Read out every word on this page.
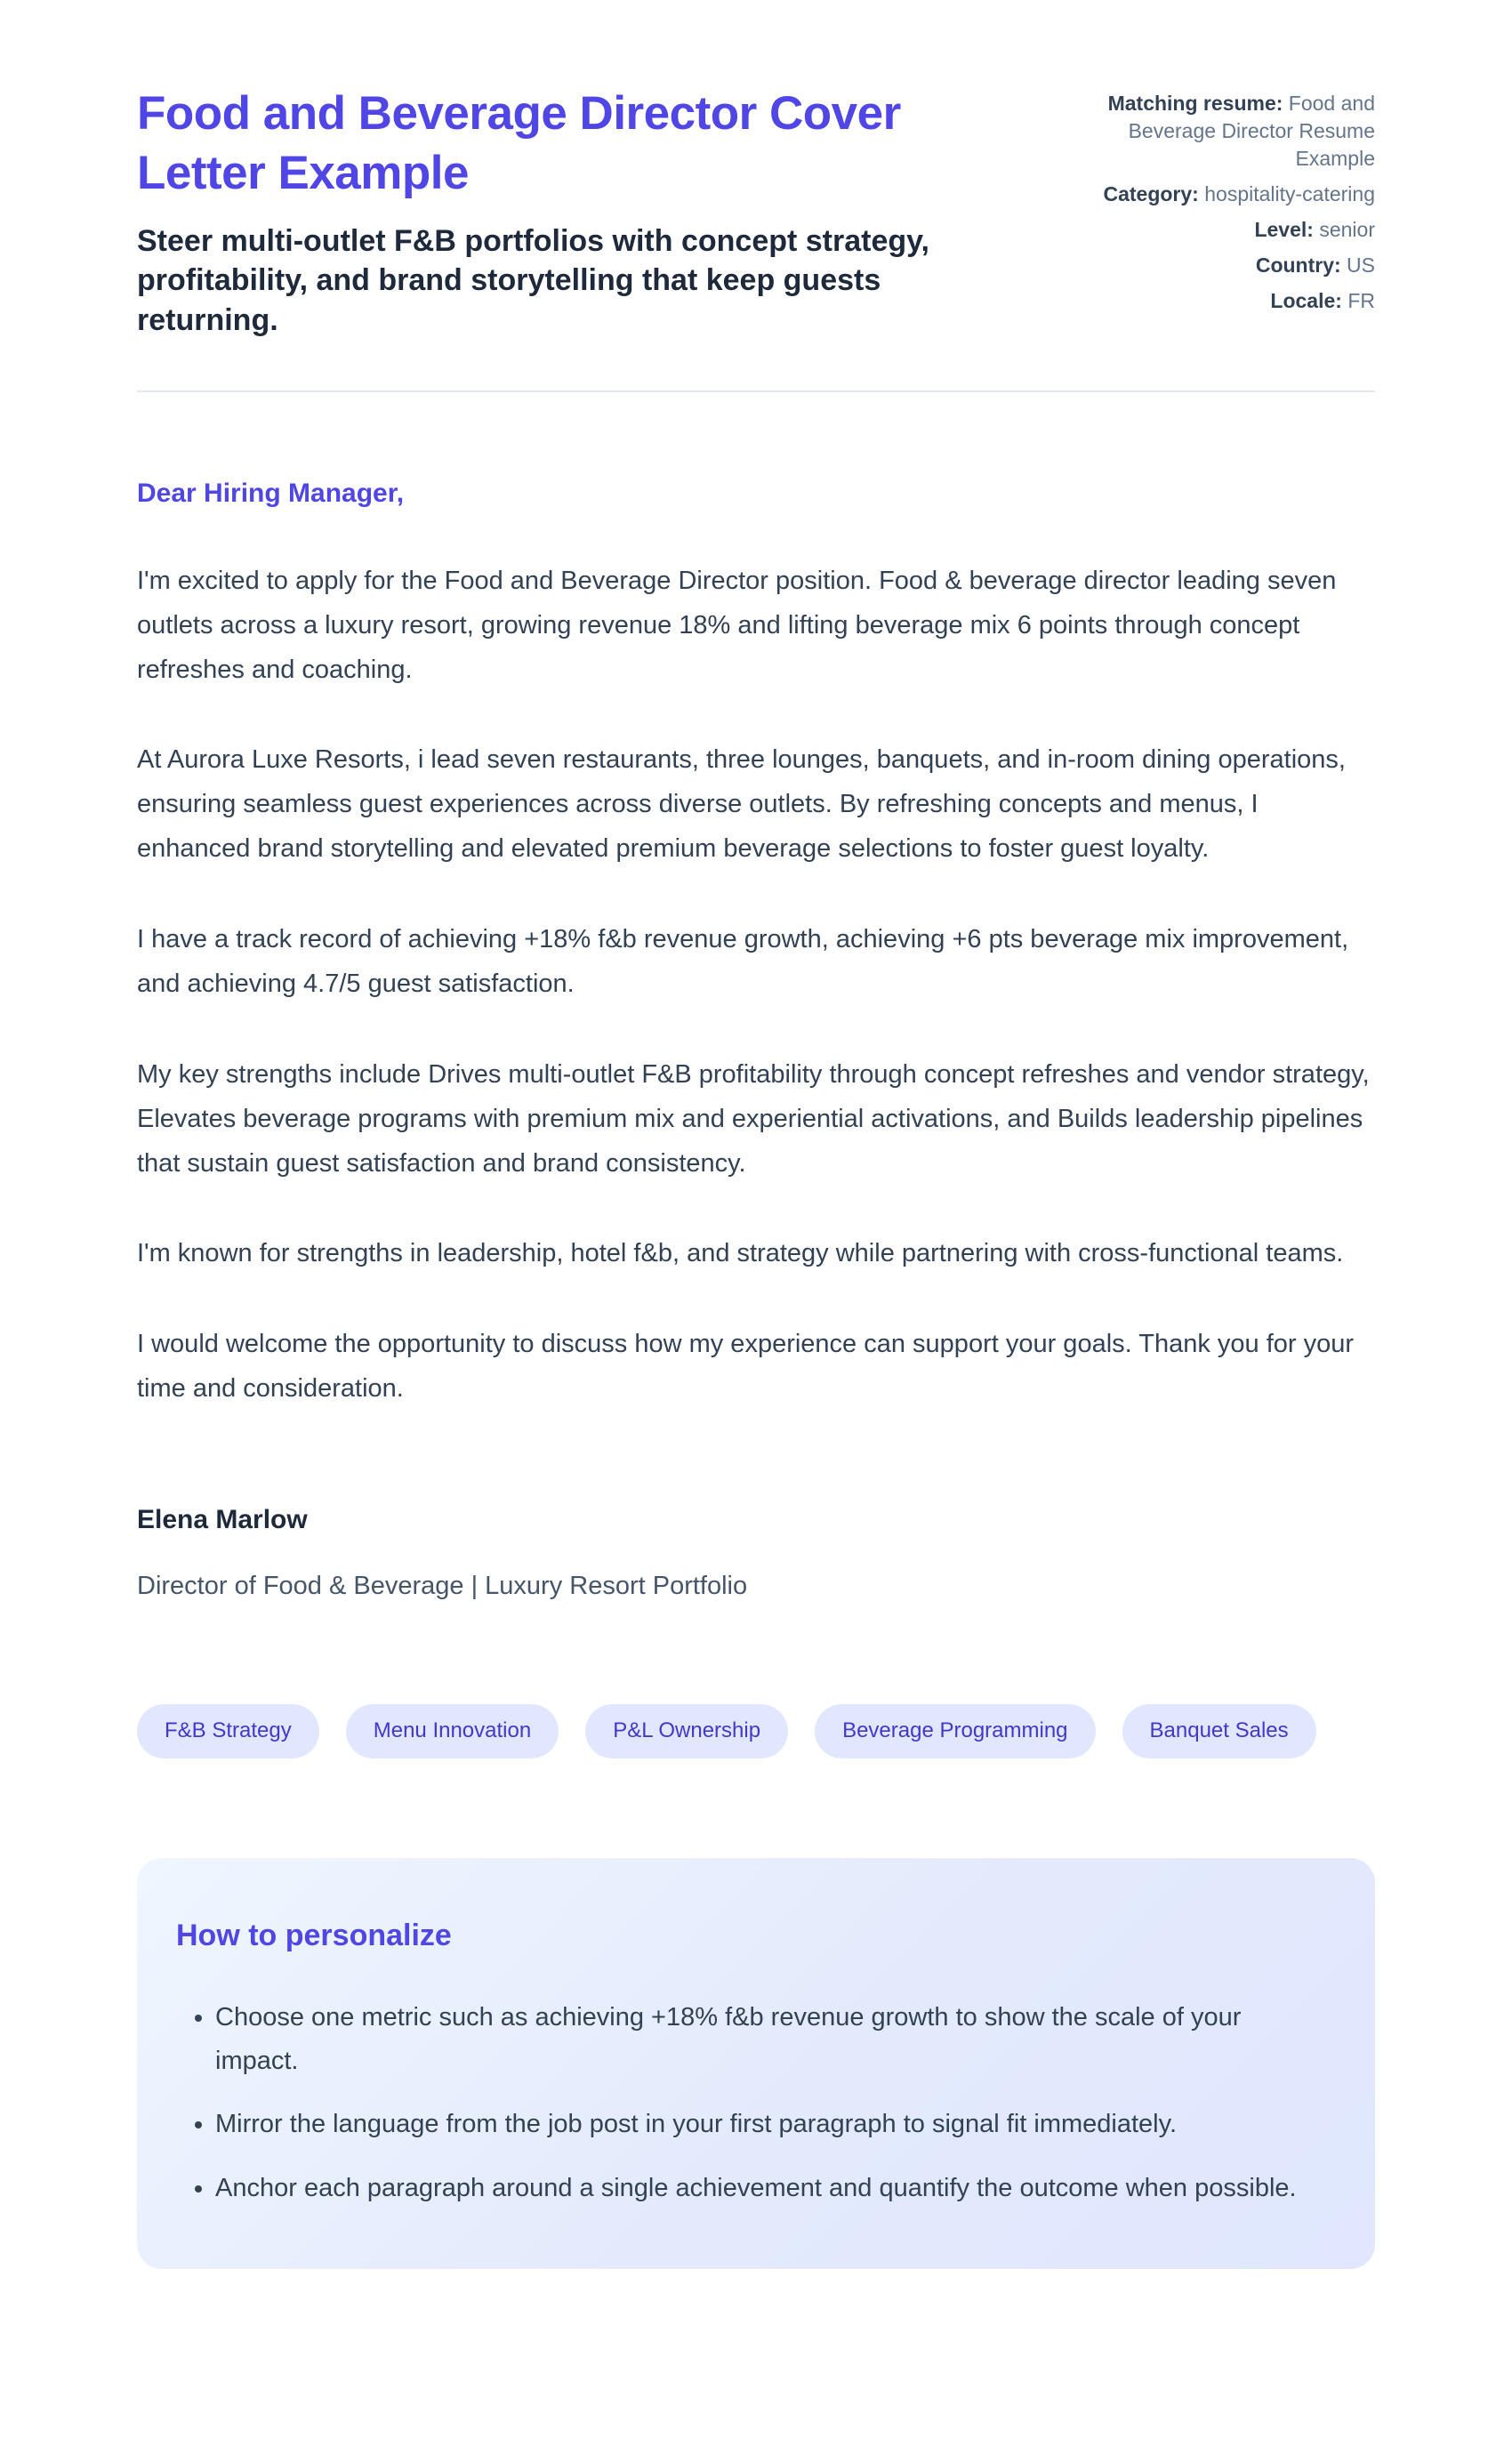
Food and Beverage Director Cover Letter Example

Steer multi-outlet F&B portfolios with concept strategy, profitability, and brand storytelling that keep guests returning.

Matching resume: Food and Beverage Director Resume Example
Category: hospitality-catering
Level: senior
Country: US
Locale: FR

Dear Hiring Manager,

I'm excited to apply for the Food and Beverage Director position. Food & beverage director leading seven outlets across a luxury resort, growing revenue 18% and lifting beverage mix 6 points through concept refreshes and coaching.

At Aurora Luxe Resorts, i lead seven restaurants, three lounges, banquets, and in-room dining operations, ensuring seamless guest experiences across diverse outlets. By refreshing concepts and menus, I enhanced brand storytelling and elevated premium beverage selections to foster guest loyalty.

I have a track record of achieving +18% f&b revenue growth, achieving +6 pts beverage mix improvement, and achieving 4.7/5 guest satisfaction.

My key strengths include Drives multi-outlet F&B profitability through concept refreshes and vendor strategy, Elevates beverage programs with premium mix and experiential activations, and Builds leadership pipelines that sustain guest satisfaction and brand consistency.

I'm known for strengths in leadership, hotel f&b, and strategy while partnering with cross-functional teams.

I would welcome the opportunity to discuss how my experience can support your goals. Thank you for your time and consideration.

Elena Marlow

Director of Food & Beverage | Luxury Resort Portfolio

F&B Strategy	Menu Innovation	P&L Ownership	Beverage Programming	Banquet Sales
How to personalize
• Choose one metric such as achieving +18% f&b revenue growth to show the scale of your impact.
• Mirror the language from the job post in your first paragraph to signal fit immediately.
• Anchor each paragraph around a single achievement and quantify the outcome when possible.
